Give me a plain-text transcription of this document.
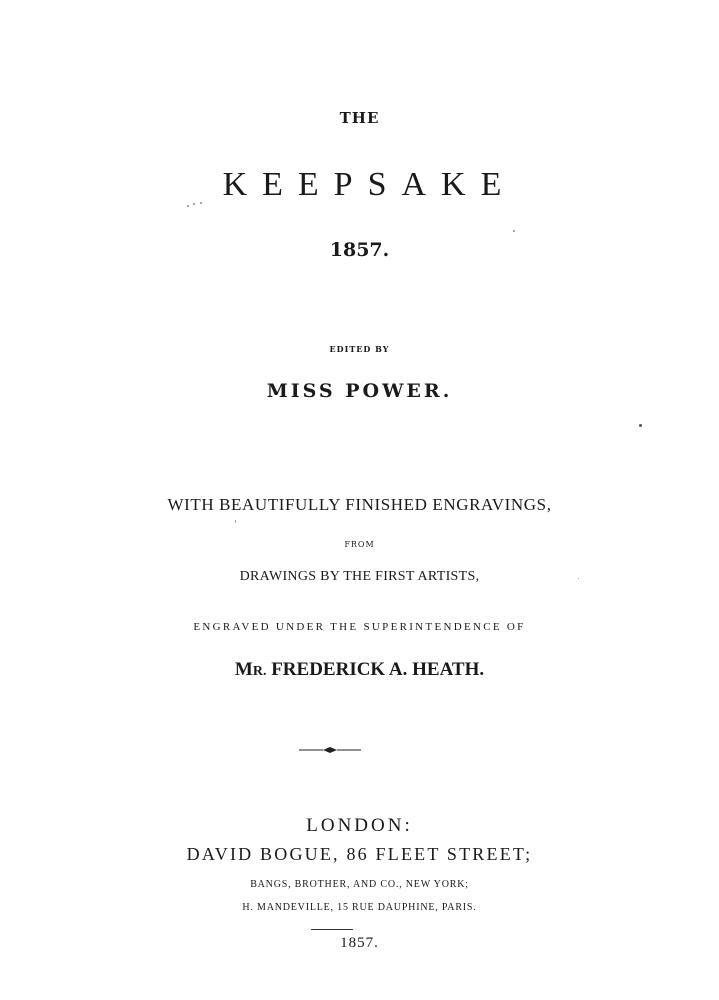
THE
KEEPSAKE
1857.
EDITED BY
MISS POWER.
WITH BEAUTIFULLY FINISHED ENGRAVINGS,
FROM
DRAWINGS BY THE FIRST ARTISTS,
ENGRAVED UNDER THE SUPERINTENDENCE OF
MR. FREDERICK A. HEATH.
LONDON:
DAVID BOGUE, 86 FLEET STREET;
BANGS, BROTHER, AND CO., NEW YORK;
H. MANDEVILLE, 15 RUE DAUPHINE, PARIS.
1857.
